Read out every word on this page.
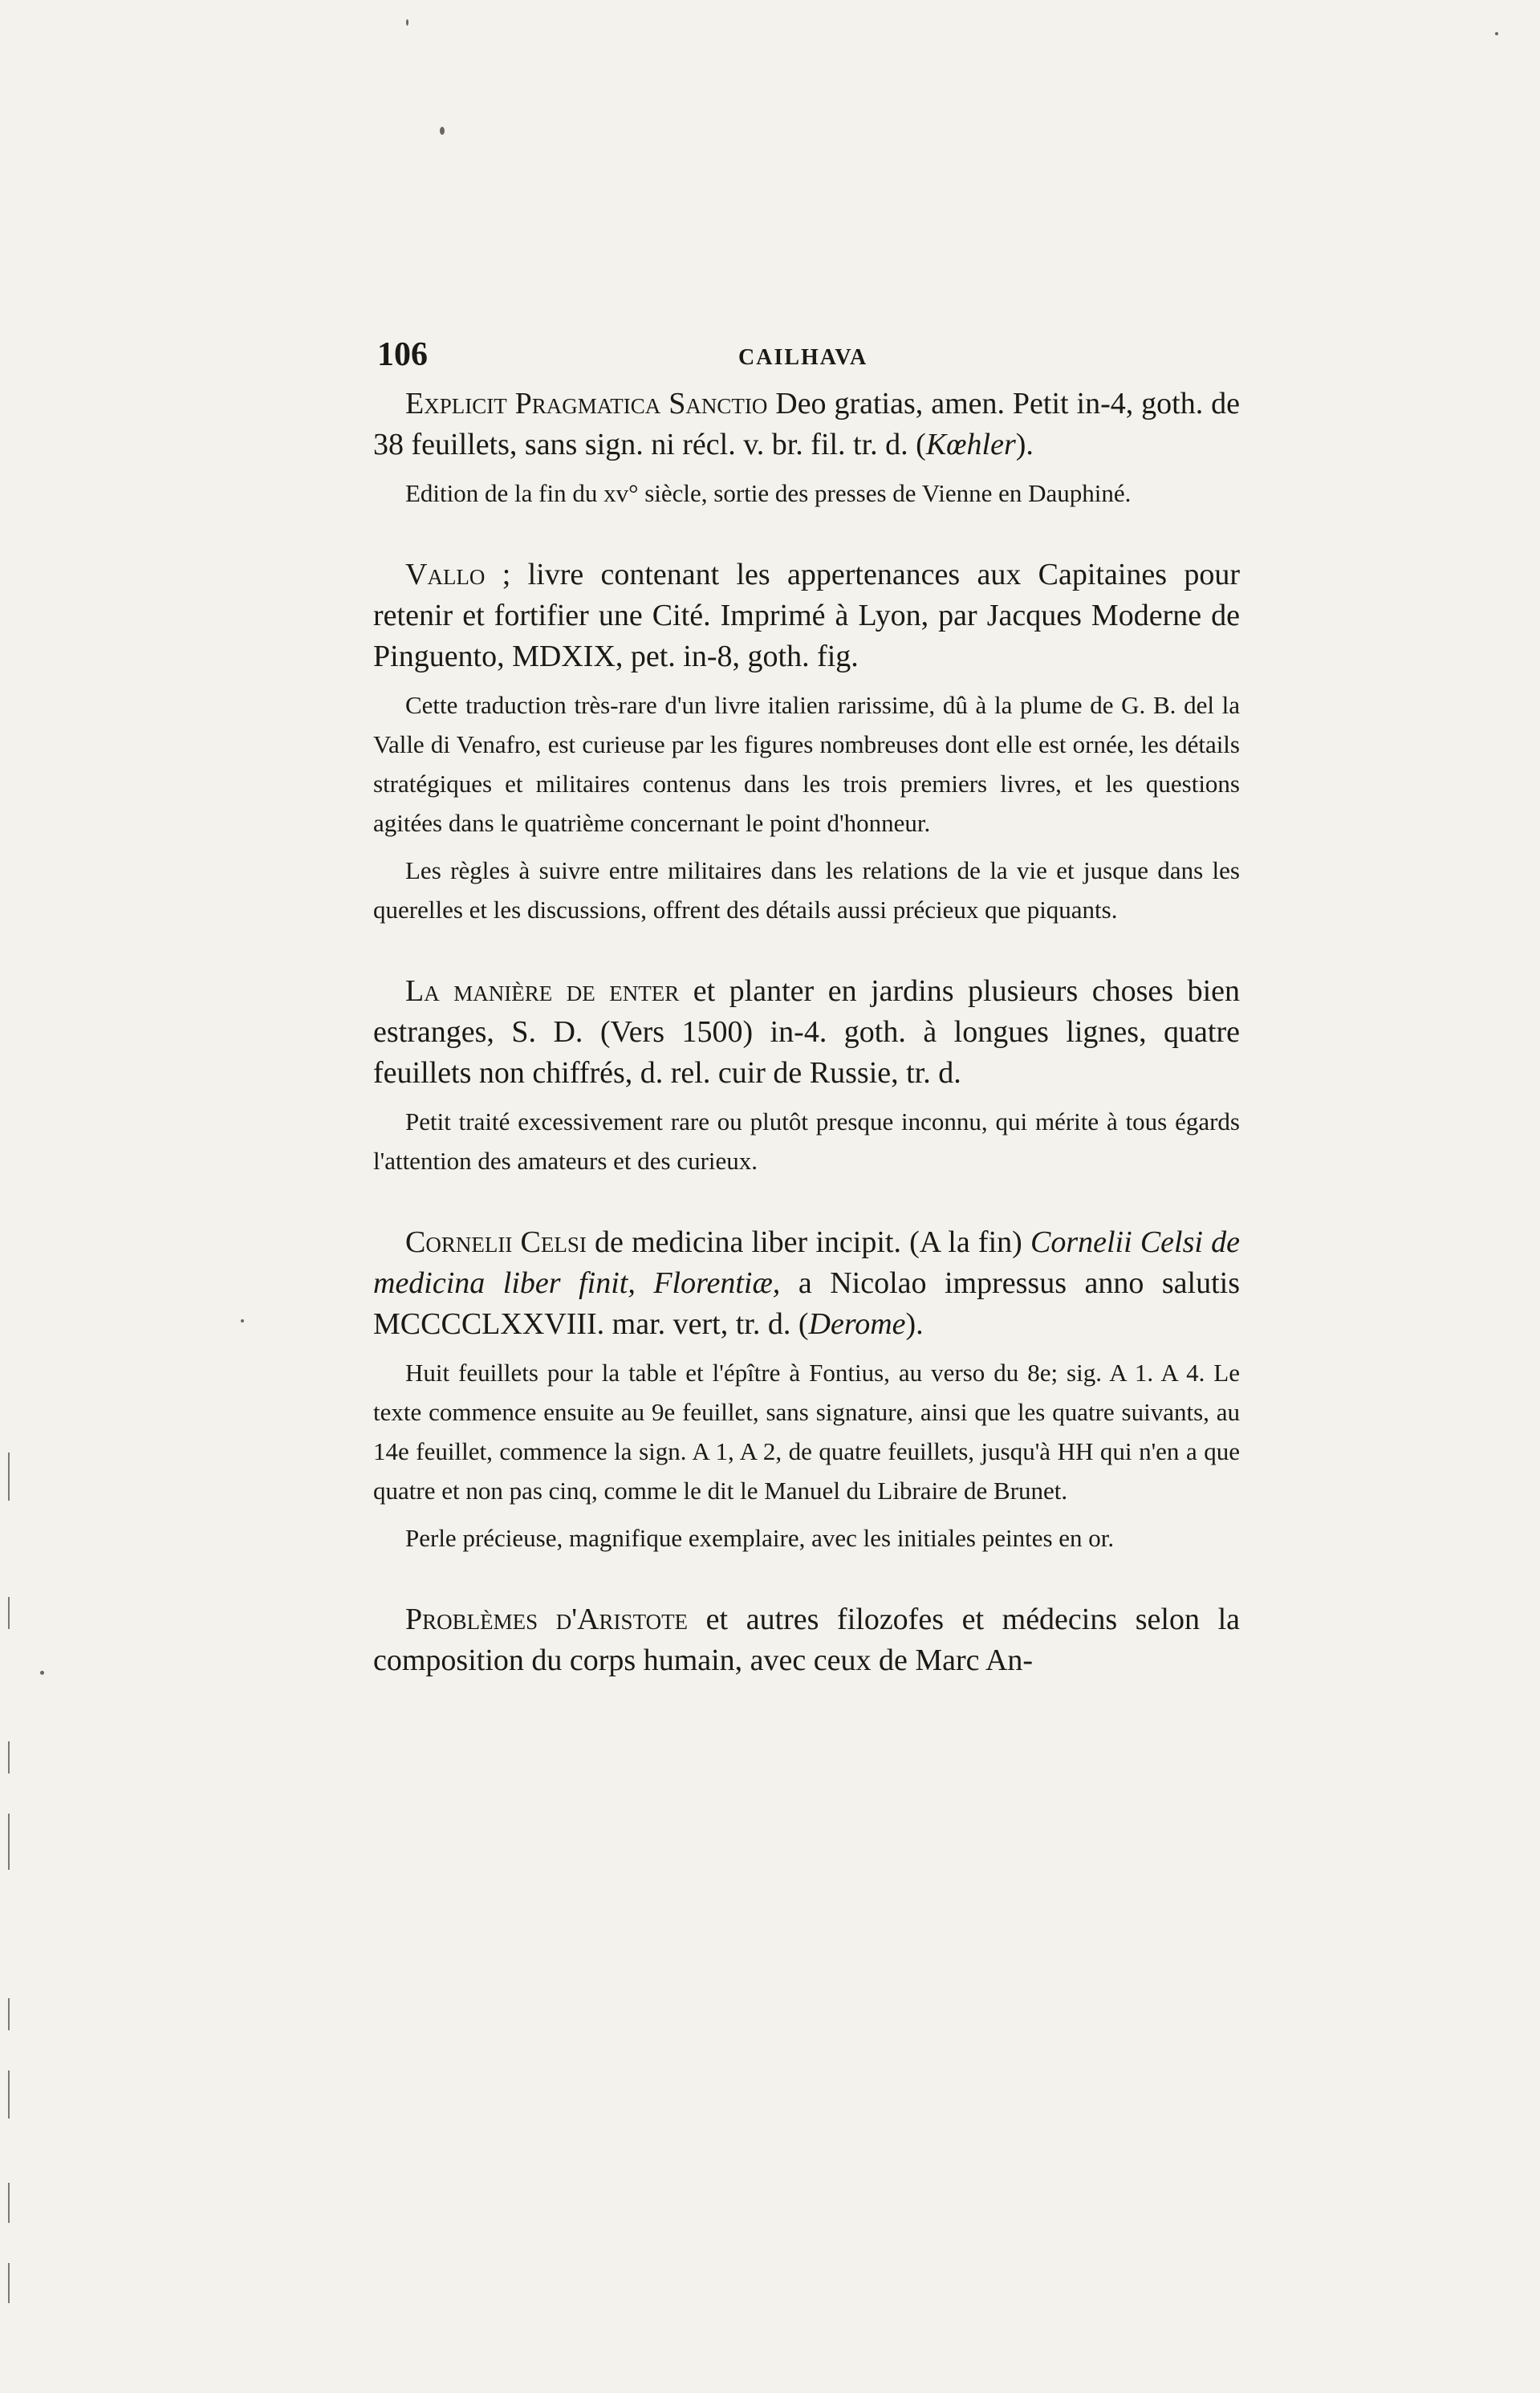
106	CAILHAVA

Explicit Pragmatica Sanctio Deo gratias, amen. Petit in-4, goth. de 38 feuillets, sans sign. ni récl. v. br. fil. tr. d. (Kœhler).

Edition de la fin du xv° siècle, sortie des presses de Vienne en Dauphiné.

Vallo ; livre contenant les appertenances aux Capitaines pour retenir et fortifier une Cité. Imprimé à Lyon, par Jacques Moderne de Pinguento, MDXIX, pet. in-8, goth. fig.

Cette traduction très-rare d'un livre italien rarissime, dû à la plume de G. B. del la Valle di Venafro, est curieuse par les figures nombreuses dont elle est ornée, les détails stratégiques et militaires contenus dans les trois premiers livres, et les questions agitées dans le quatrième concernant le point d'honneur.

Les règles à suivre entre militaires dans les relations de la vie et jusque dans les querelles et les discussions, offrent des détails aussi précieux que piquants.

La manière de enter et planter en jardins plusieurs choses bien estranges, S. D. (Vers 1500) in-4. goth. à longues lignes, quatre feuillets non chiffrés, d. rel. cuir de Russie, tr. d.

Petit traité excessivement rare ou plutôt presque inconnu, qui mérite à tous égards l'attention des amateurs et des curieux.

Cornelii Celsi de medicina liber incipit. (A la fin) Cornelii Celsi de medicina liber finit, Florentiæ, a Nicolao impressus anno salutis MCCCCLXXVIII. mar. vert, tr. d. (Derome).

Huit feuillets pour la table et l'épître à Fontius, au verso du 8e; sig. A 1. A 4. Le texte commence ensuite au 9e feuillet, sans signature, ainsi que les quatre suivants, au 14e feuillet, commence la sign. A 1, A 2, de quatre feuillets, jusqu'à HH qui n'en a que quatre et non pas cinq, comme le dit le Manuel du Libraire de Brunet.

Perle précieuse, magnifique exemplaire, avec les initiales peintes en or.

Problèmes d'Aristote et autres filozofes et médecins selon la composition du corps humain, avec ceux de Marc An-
